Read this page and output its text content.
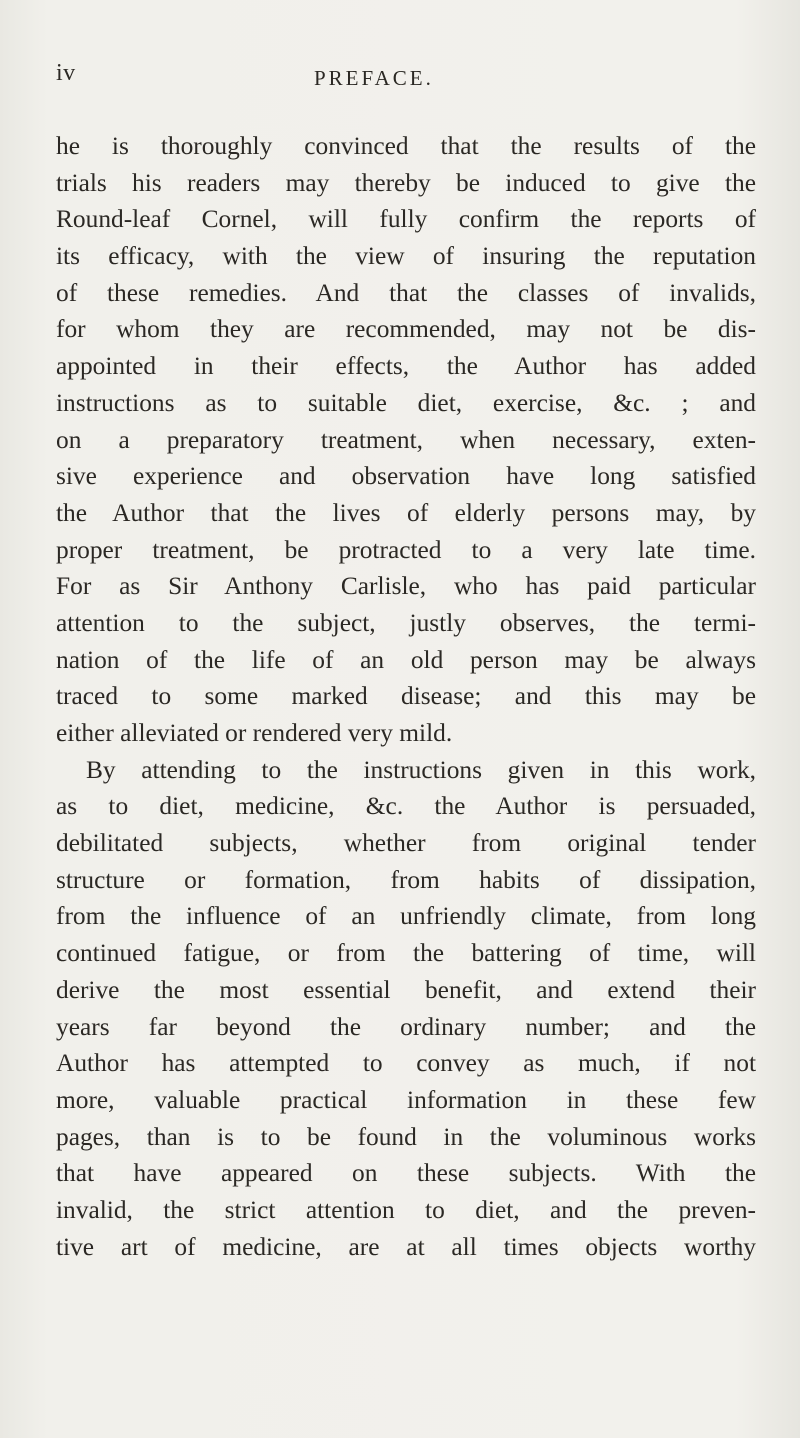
iv	PREFACE.
he is thoroughly convinced that the results of the
trials his readers may thereby be induced to give the
Round-leaf Cornel, will fully confirm the reports of
its efficacy, with the view of insuring the reputation
of these remedies. And that the classes of invalids,
for whom they are recommended, may not be dis-
appointed in their effects, the Author has added
instructions as to suitable diet, exercise, &c. ; and
on a preparatory treatment, when necessary, exten-
sive experience and observation have long satisfied
the Author that the lives of elderly persons may, by
proper treatment, be protracted to a very late time.
For as Sir Anthony Carlisle, who has paid particular
attention to the subject, justly observes, the termi-
nation of the life of an old person may be always
traced to some marked disease; and this may be
either alleviated or rendered very mild.
By attending to the instructions given in this work,
as to diet, medicine, &c. the Author is persuaded,
debilitated subjects, whether from original tender
structure or formation, from habits of dissipation,
from the influence of an unfriendly climate, from long
continued fatigue, or from the battering of time, will
derive the most essential benefit, and extend their
years far beyond the ordinary number; and the
Author has attempted to convey as much, if not
more, valuable practical information in these few
pages, than is to be found in the voluminous works
that have appeared on these subjects. With the
invalid, the strict attention to diet, and the preven-
tive art of medicine, are at all times objects worthy
